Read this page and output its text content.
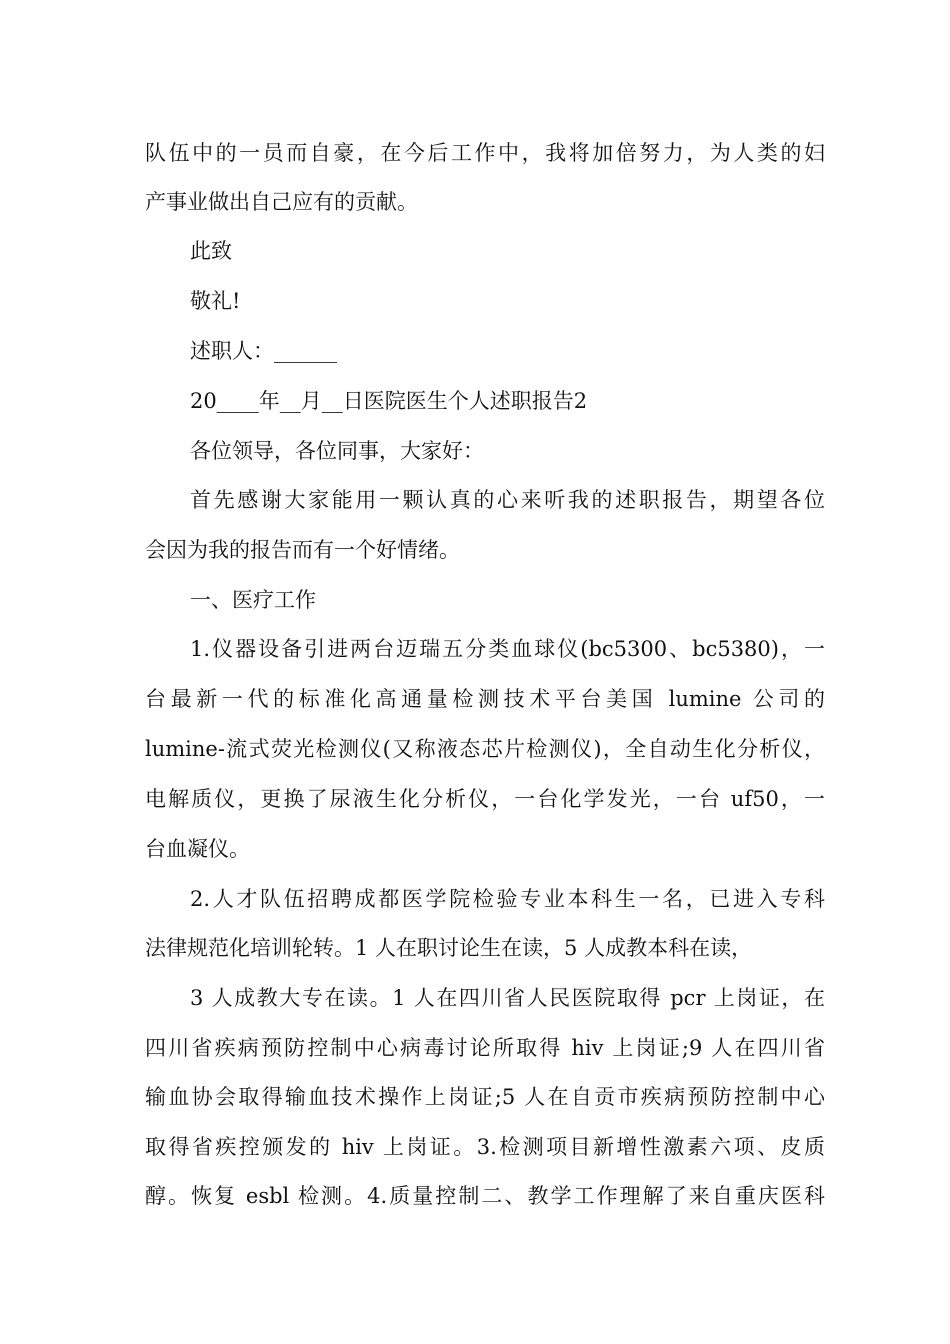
队伍中的一员而自豪，在今后工作中，我将加倍努力，为人类的妇
产事业做出自己应有的贡献。
此致
敬礼!
述职人：______
20____年__月__日医院医生个人述职报告2
各位领导，各位同事，大家好：
首先感谢大家能用一颗认真的心来听我的述职报告，期望各位
会因为我的报告而有一个好情绪。
一、医疗工作
1.仪器设备引进两台迈瑞五分类血球仪(bc5300、bc5380)，一
台最新一代的标准化高通量检测技术平台美国 lumine 公司的
lumine-流式荧光检测仪(又称液态芯片检测仪)，全自动生化分析仪，
电解质仪，更换了尿液生化分析仪，一台化学发光，一台 uf50，一
台血凝仪。
2.人才队伍招聘成都医学院检验专业本科生一名，已进入专科
法律规范化培训轮转。1 人在职讨论生在读，5 人成教本科在读，
3 人成教大专在读。1 人在四川省人民医院取得 pcr 上岗证，在
四川省疾病预防控制中心病毒讨论所取得 hiv 上岗证;9 人在四川省
输血协会取得输血技术操作上岗证;5 人在自贡市疾病预防控制中心
取得省疾控颁发的 hiv 上岗证。3.检测项目新增性激素六项、皮质
醇。恢复 esbl 检测。4.质量控制二、教学工作理解了来自重庆医科
